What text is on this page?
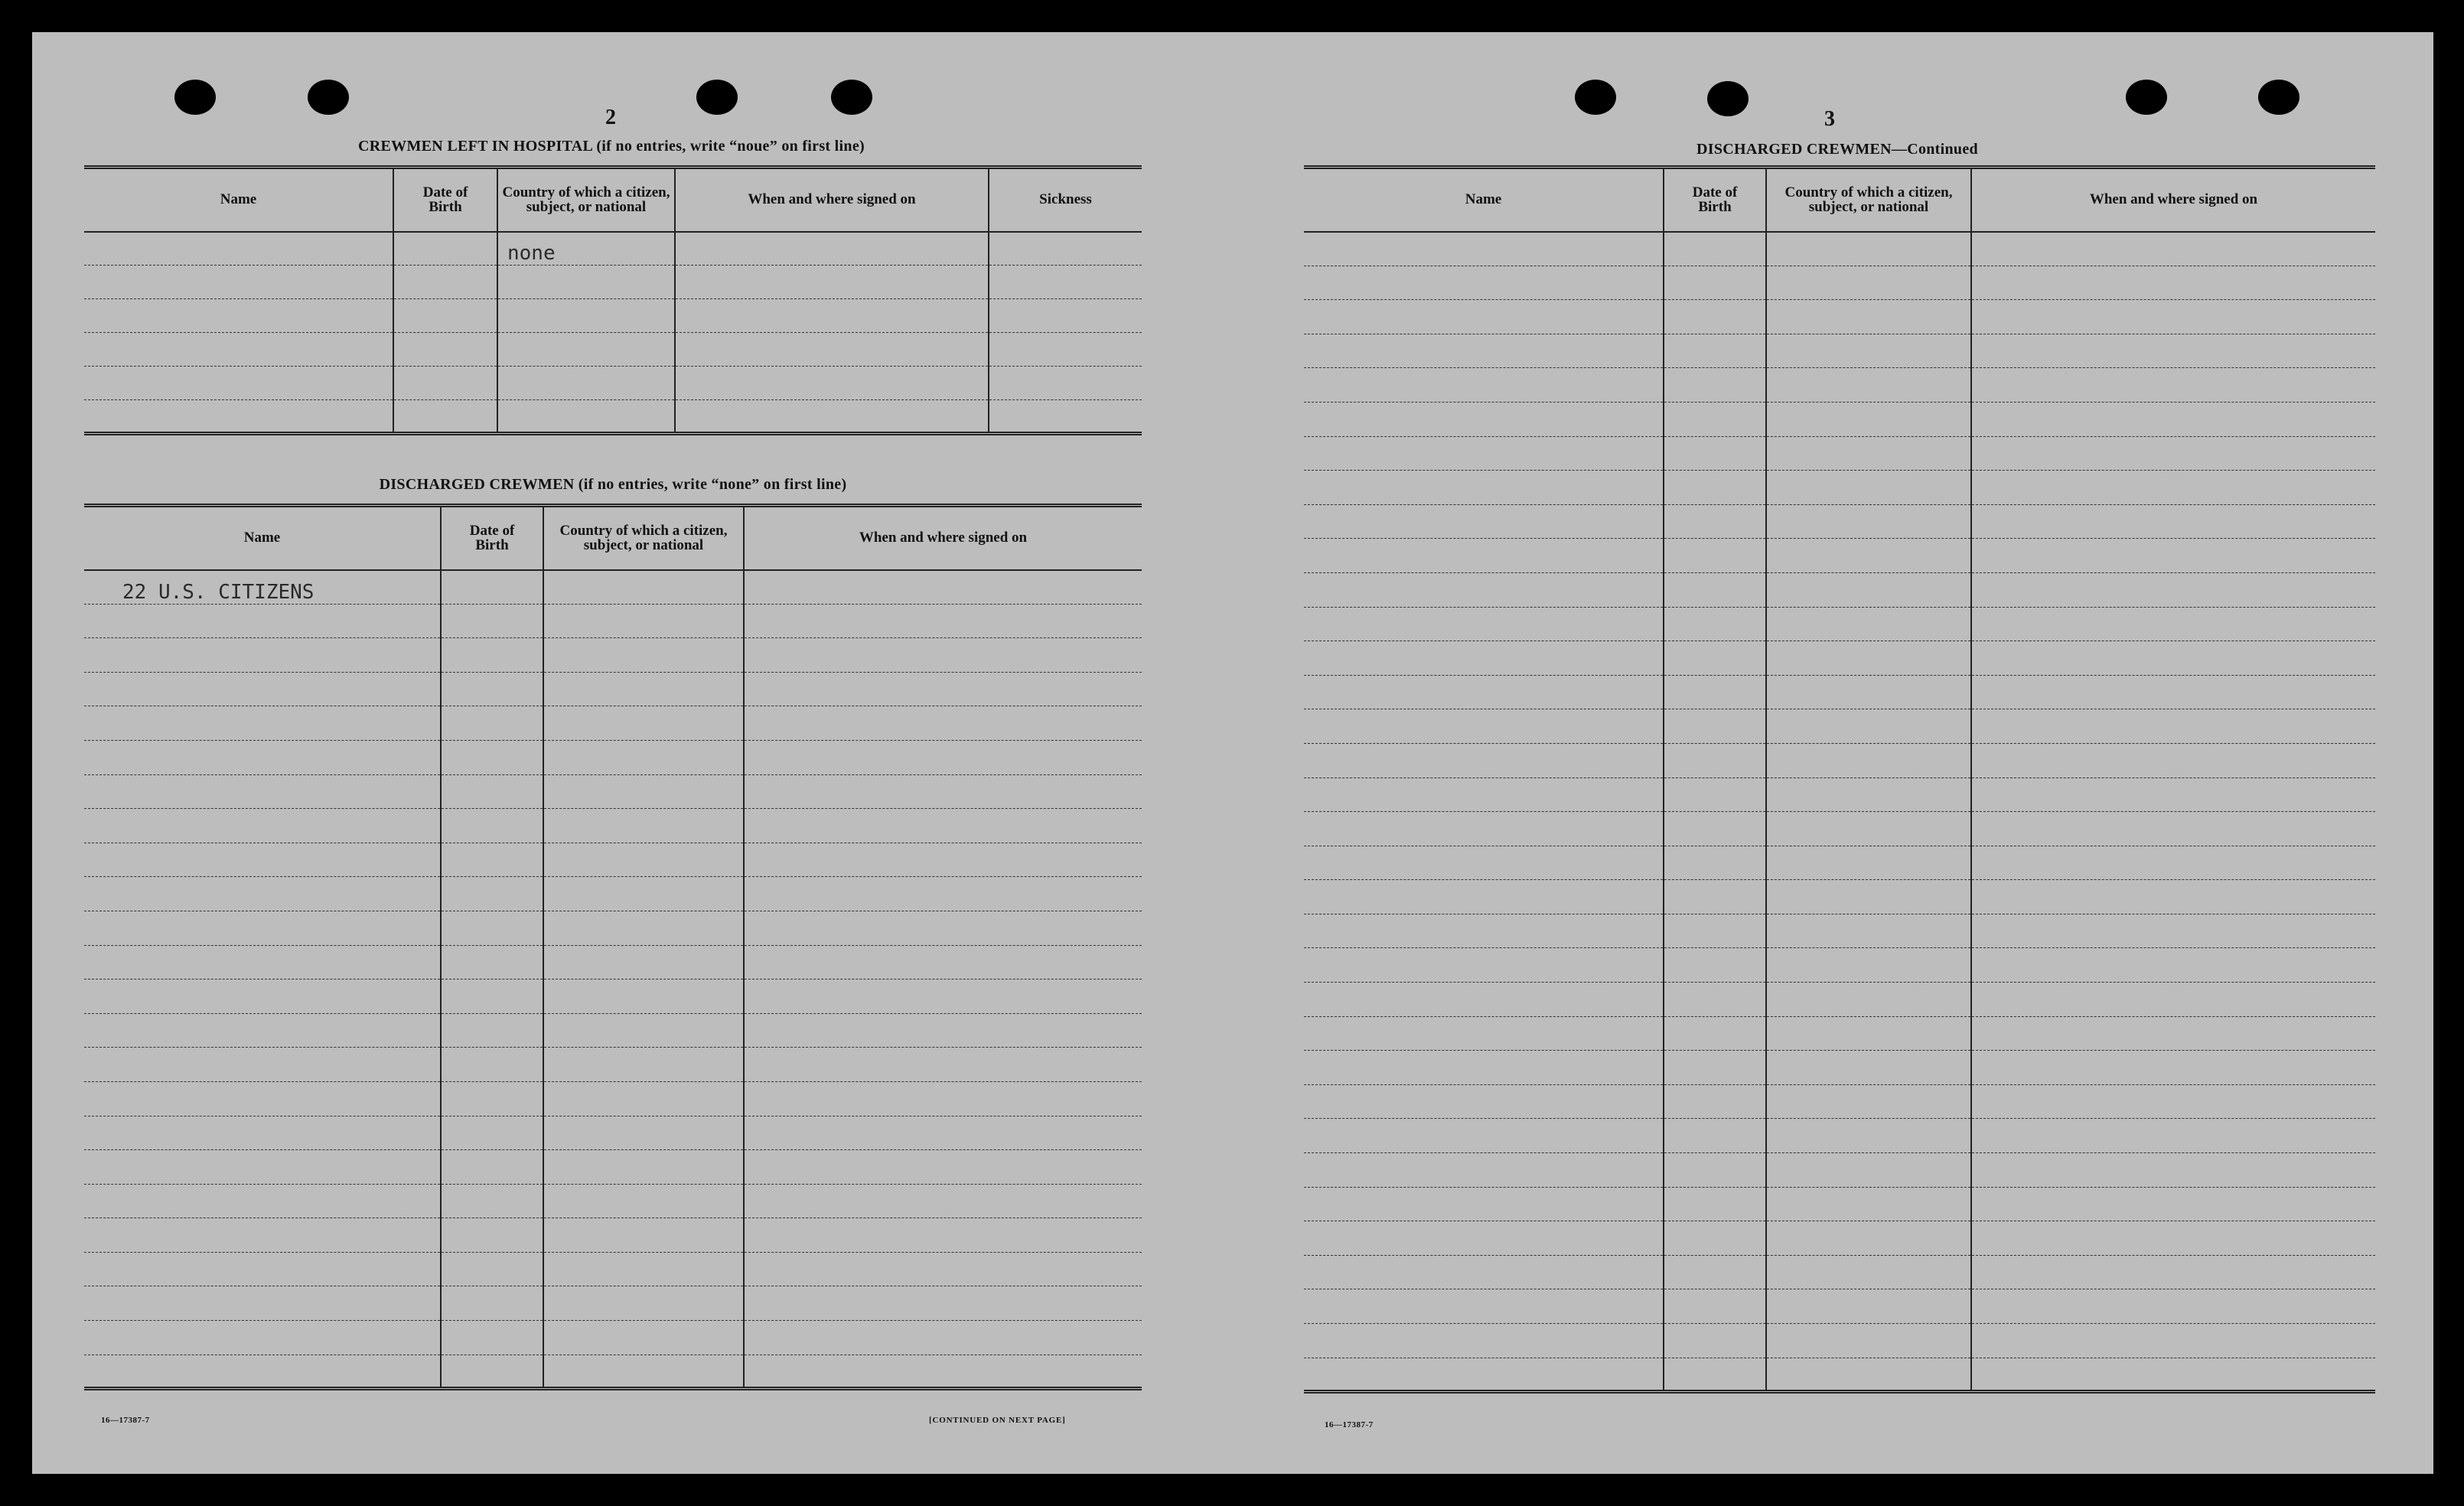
2
CREWMEN LEFT IN HOSPITAL (if no entries, write “noue” on first line)
Name	Date of Birth	Country of which a citizen, subject, or national	When and where signed on	Sickness
		none		

DISCHARGED CREWMEN (if no entries, write “none” on first line)
Name	Date of Birth	Country of which a citizen, subject, or national	When and where signed on
22 U.S. CITIZENS			

16—17387-7	[CONTINUED ON NEXT PAGE]
3
DISCHARGED CREWMEN—Continued
Name	Date of Birth	Country of which a citizen, subject, or national	When and where signed on

16—17387-7
